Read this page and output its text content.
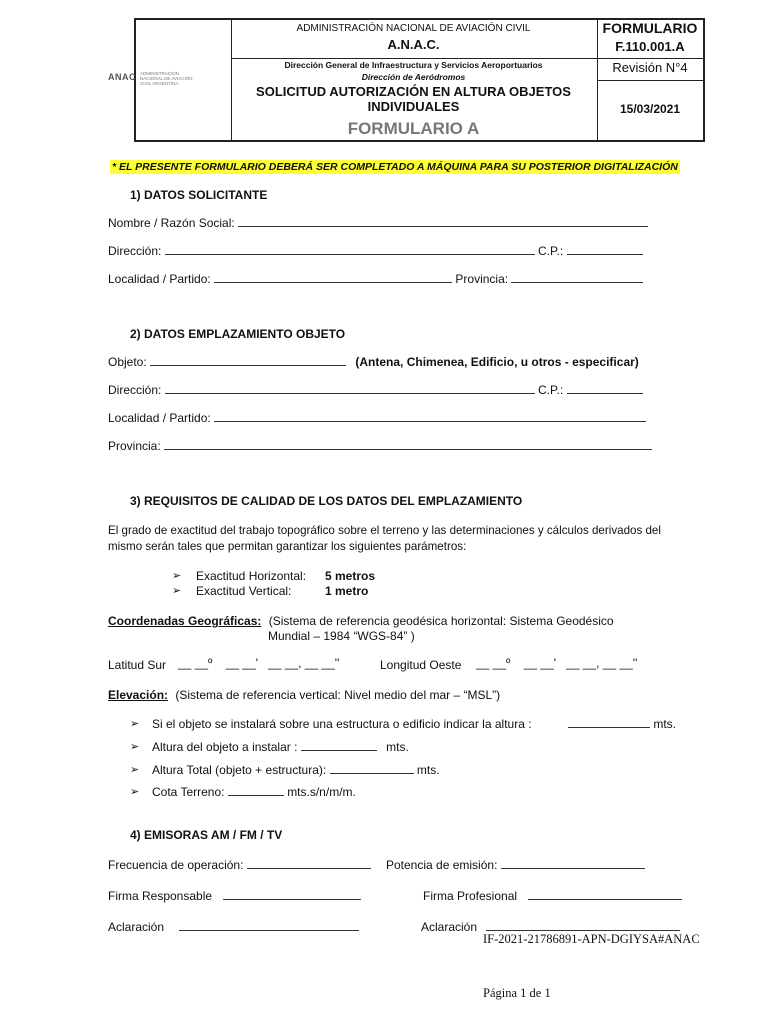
ANAC ADMINISTRACIÓN NACIONAL DE AVIACIÓN CIVIL ARGENTINA
ADMINISTRACIÓN NACIONAL DE AVIACIÓN CIVIL
A.N.A.C.
Dirección General de Infraestructura y Servicios Aeroportuarios
Dirección de Aeródromos
SOLICITUD AUTORIZACIÓN EN ALTURA OBJETOS
INDIVIDUALES
FORMULARIO A
FORMULARIO
F.110.001.A
Revisión N°4
15/03/2021
* EL PRESENTE FORMULARIO DEBERÁ SER COMPLETADO A MÁQUINA PARA SU POSTERIOR DIGITALIZACIÓN
1) DATOS SOLICITANTE
Nombre / Razón Social:
Dirección:	C.P.:
Localidad / Partido:	Provincia:
2) DATOS EMPLAZAMIENTO OBJETO
Objeto:	(Antena, Chimenea, Edificio, u otros - especificar)
Dirección:	C.P.:
Localidad / Partido:
Provincia:
3) REQUISITOS DE CALIDAD DE LOS DATOS DEL EMPLAZAMIENTO
El grado de exactitud del trabajo topográfico sobre el terreno y las determinaciones y cálculos derivados del
mismo serán tales que permitan garantizar los siguientes parámetros:
➢ Exactitud Horizontal: 5 metros
➢ Exactitud Vertical:	1 metro
Coordenadas Geográficas: (Sistema de referencia geodésica horizontal: Sistema Geodésico
Mundial – 1984 “WGS-84” )
Latitud Sur __ __º    __ __'   __ __, __ __''	Longitud Oeste __ __º    __ __'   __ __, __ __''
Elevación: (Sistema de referencia vertical: Nivel medio del mar – “MSL”)
➢ Si el objeto se instalará sobre una estructura o edificio indicar la altura :	mts.
➢ Altura del objeto a instalar :	mts.
➢ Altura Total (objeto + estructura):	mts.
➢ Cota Terreno:	mts.s/n/m/m.
4) EMISORAS AM / FM / TV
Frecuencia de operación:	Potencia de emisión:
Firma Responsable	Firma Profesional
Aclaración	Aclaración
IF-2021-21786891-APN-DGIYSA#ANAC
Página 1 de 1
